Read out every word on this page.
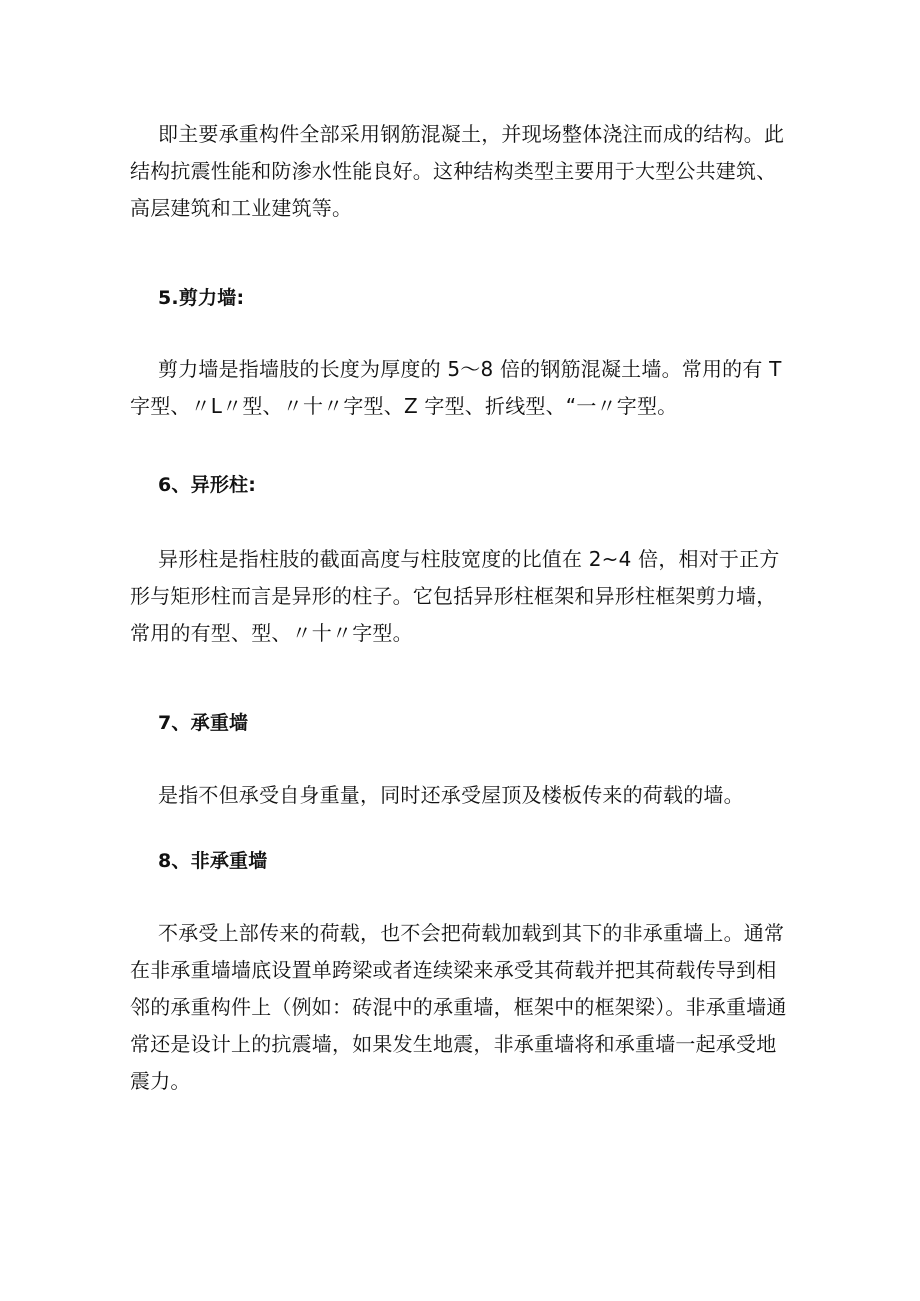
即主要承重构件全部采用钢筋混凝土，并现场整体浇注而成的结构。此结构抗震性能和防渗水性能良好。这种结构类型主要用于大型公共建筑、高层建筑和工业建筑等。
5.剪力墙:
剪力墙是指墙肢的长度为厚度的 5～8 倍的钢筋混凝土墙。常用的有 T 字型、〃L〃型、〃十〃字型、Z 字型、折线型、“一〃字型。
6、异形柱:
异形柱是指柱肢的截面高度与柱肢宽度的比值在 2~4 倍，相对于正方形与矩形柱而言是异形的柱子。它包括异形柱框架和异形柱框架剪力墙，常用的有型、型、〃十〃字型。
7、承重墙
是指不但承受自身重量，同时还承受屋顶及楼板传来的荷载的墙。
8、非承重墙
不承受上部传来的荷载，也不会把荷载加载到其下的非承重墙上。通常在非承重墙墙底设置单跨梁或者连续梁来承受其荷载并把其荷载传导到相邻的承重构件上（例如：砖混中的承重墙，框架中的框架梁）。非承重墙通常还是设计上的抗震墙，如果发生地震，非承重墙将和承重墙一起承受地震力。
